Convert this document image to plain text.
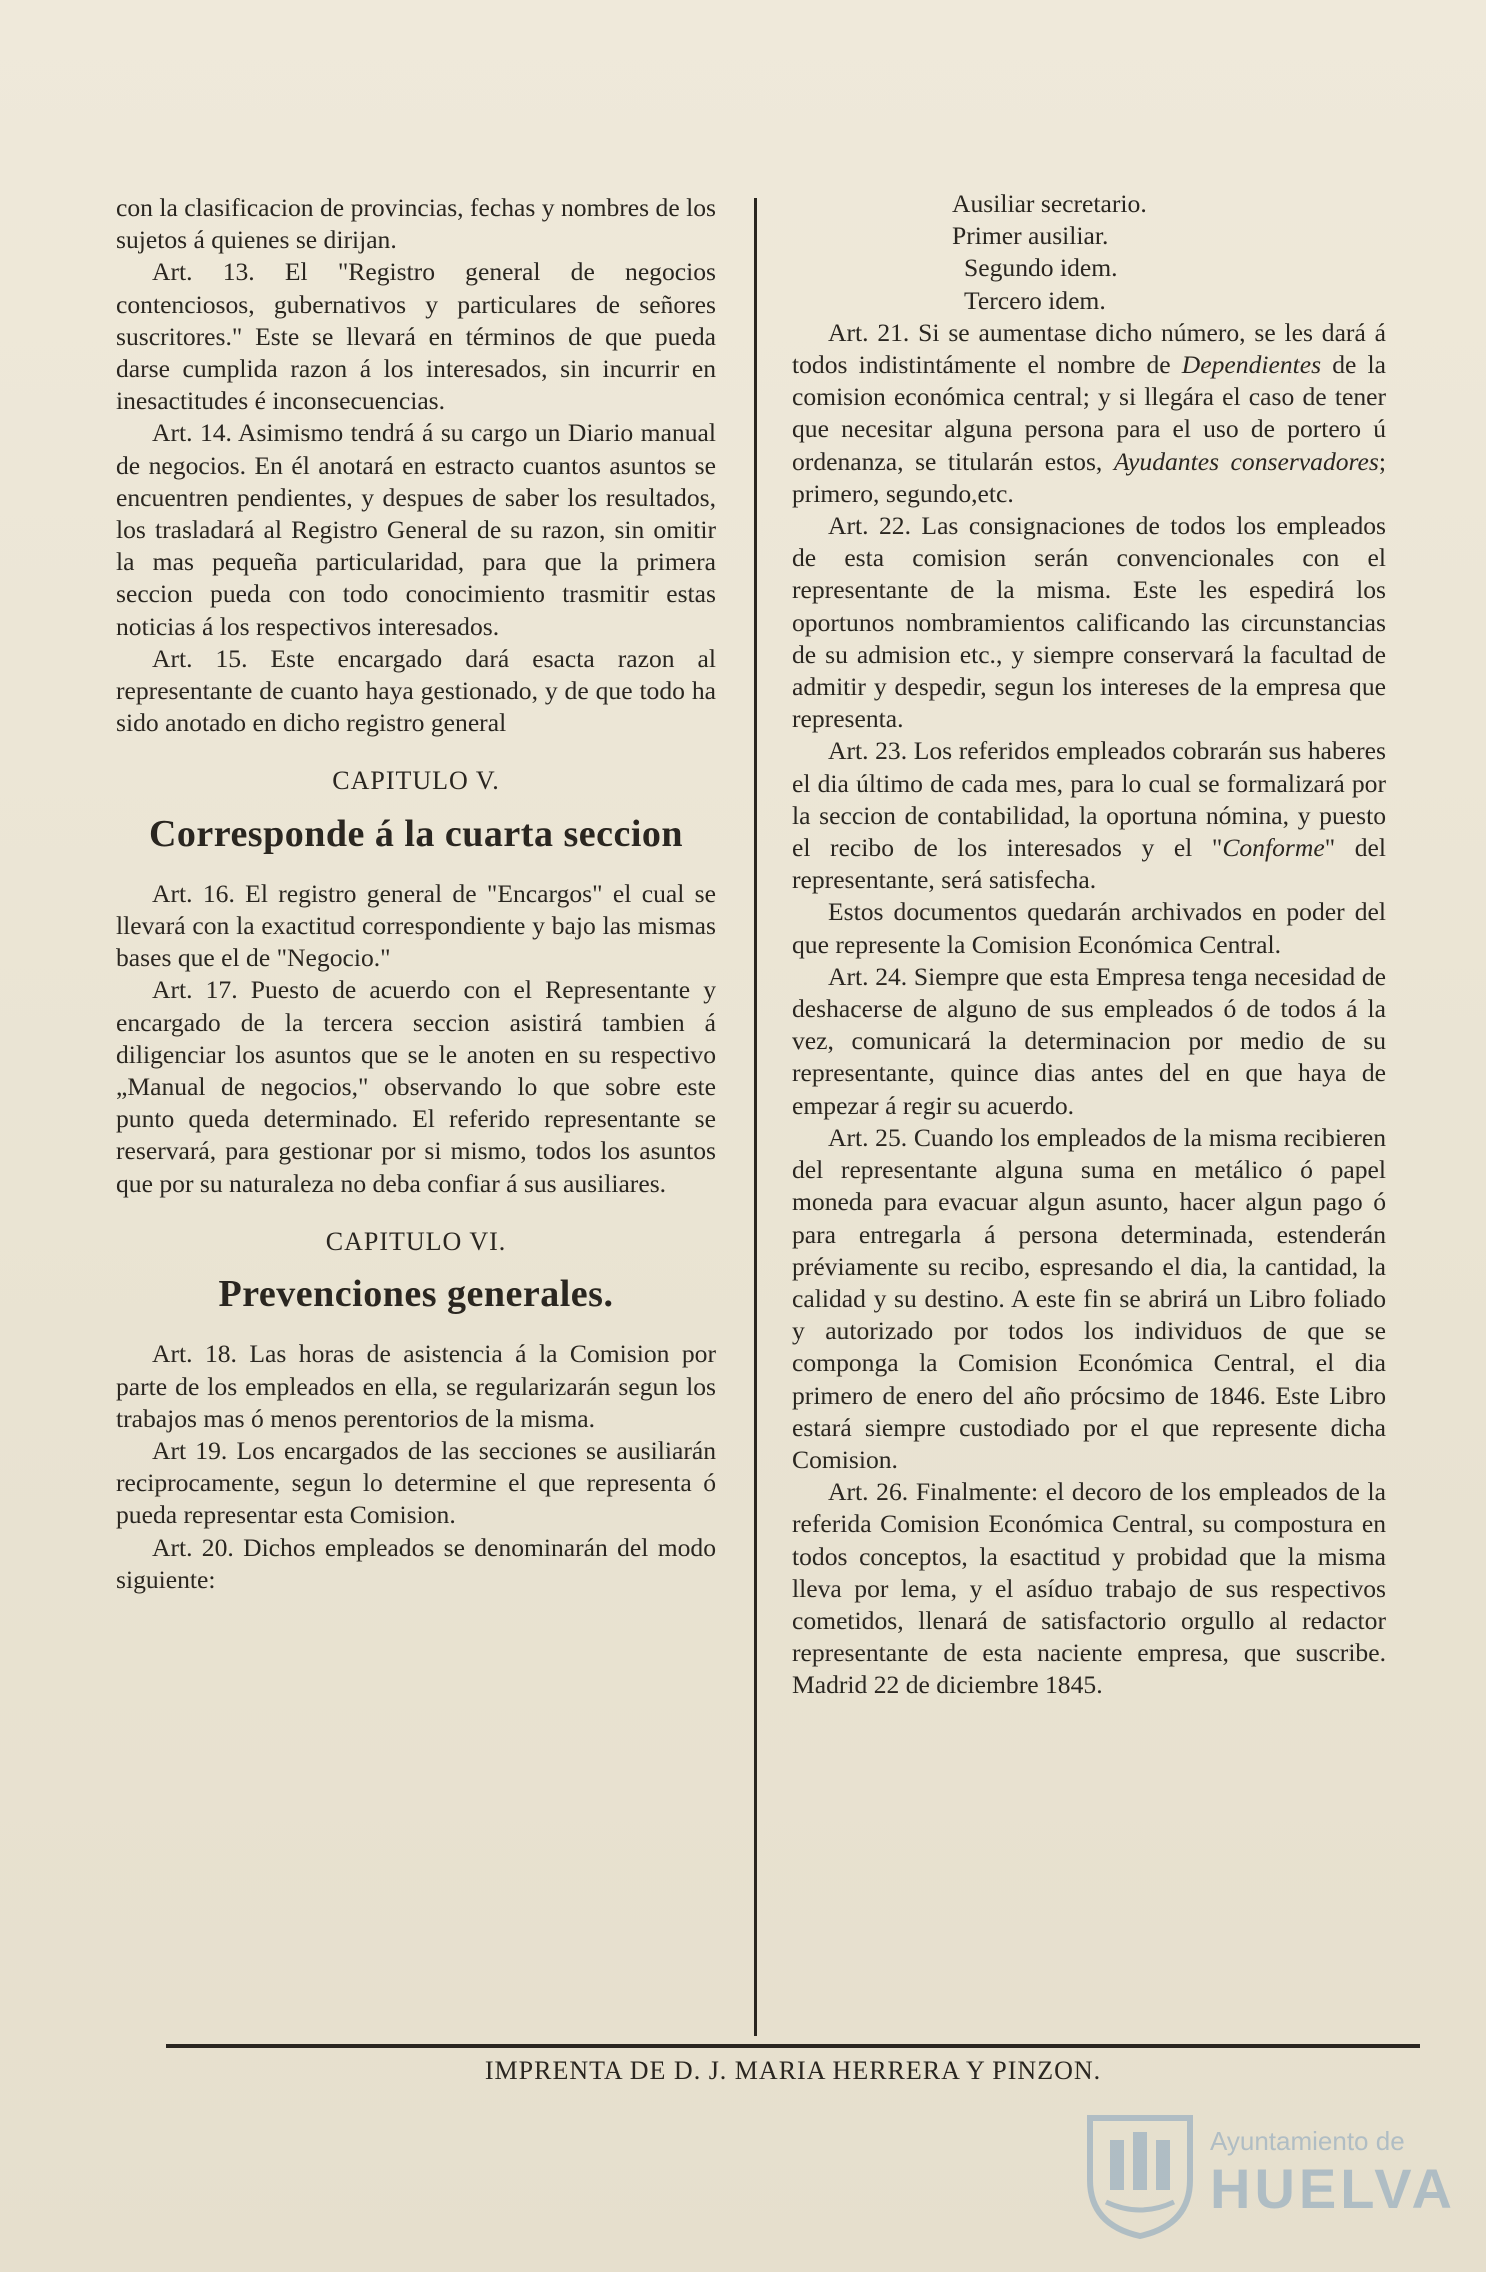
con la clasificacion de provincias, fechas y nombres de los sujetos á quienes se dirijan.

Art. 13. El "Registro general de negocios contenciosos, gubernativos y particulares de señores suscritores." Este se llevará en términos de que pueda darse cumplida razon á los interesados, sin incurrir en inesactitudes é inconsecuencias.

Art. 14. Asimismo tendrá á su cargo un Diario manual de negocios. En él anotará en estracto cuantos asuntos se encuentren pendientes, y despues de saber los resultados, los trasladará al Registro General de su razon, sin omitir la mas pequeña particularidad, para que la primera seccion pueda con todo conocimiento trasmitir estas noticias á los respectivos interesados.

Art. 15. Este encargado dará esacta razon al representante de cuanto haya gestionado, y de que todo ha sido anotado en dicho registro general

CAPITULO V.
Corresponde á la cuarta seccion

Art. 16. El registro general de "Encargos" el cual se llevará con la exactitud correspondiente y bajo las mismas bases que el de "Negocio."

Art. 17. Puesto de acuerdo con el Representante y encargado de la tercera seccion asistirá tambien á diligenciar los asuntos que se le anoten en su respectivo „Manual de negocios," observando lo que sobre este punto queda determinado. El referido representante se reservará, para gestionar por si mismo, todos los asuntos que por su naturaleza no deba confiar á sus ausiliares.

CAPITULO VI.
Prevenciones generales.

Art. 18. Las horas de asistencia á la Comision por parte de los empleados en ella, se regularizarán segun los trabajos mas ó menos perentorios de la misma.

Art 19. Los encargados de las secciones se ausiliarán reciprocamente, segun lo determine el que representa ó pueda representar esta Comision.

Art. 20. Dichos empleados se denominarán del modo siguiente:

Ausiliar secretario.

Primer ausiliar.

Segundo idem.

Tercero idem.

Art. 21. Si se aumentase dicho número, se les dará á todos indistintámente el nombre de Dependientes de la comision económica central; y si llegára el caso de tener que necesitar alguna persona para el uso de portero ú ordenanza, se titularán estos, Ayudantes conservadores; primero, segundo,etc.

Art. 22. Las consignaciones de todos los empleados de esta comision serán convencionales con el representante de la misma. Este les espedirá los oportunos nombramientos calificando las circunstancias de su admision etc., y siempre conservará la facultad de admitir y despedir, segun los intereses de la empresa que representa.

Art. 23. Los referidos empleados cobrarán sus haberes el dia último de cada mes, para lo cual se formalizará por la seccion de contabilidad, la oportuna nómina, y puesto el recibo de los interesados y el "Conforme" del representante, será satisfecha.

Estos documentos quedarán archivados en poder del que represente la Comision Económica Central.

Art. 24. Siempre que esta Empresa tenga necesidad de deshacerse de alguno de sus empleados ó de todos á la vez, comunicará la determinacion por medio de su representante, quince dias antes del en que haya de empezar á regir su acuerdo.

Art. 25. Cuando los empleados de la misma recibieren del representante alguna suma en metálico ó papel moneda para evacuar algun asunto, hacer algun pago ó para entregarla á persona determinada, estenderán préviamente su recibo, espresando el dia, la cantidad, la calidad y su destino. A este fin se abrirá un Libro foliado y autorizado por todos los individuos de que se componga la Comision Económica Central, el dia primero de enero del año prócsimo de 1846. Este Libro estará siempre custodiado por el que represente dicha Comision.

Art. 26. Finalmente: el decoro de los empleados de la referida Comision Económica Central, su compostura en todos conceptos, la esactitud y probidad que la misma lleva por lema, y el asíduo trabajo de sus respectivos cometidos, llenará de satisfactorio orgullo al redactor representante de esta naciente empresa, que suscribe. Madrid 22 de diciembre 1845.

IMPRENTA DE D. J. MARIA HERRERA Y PINZON.
Ayuntamiento de
HUELVA
